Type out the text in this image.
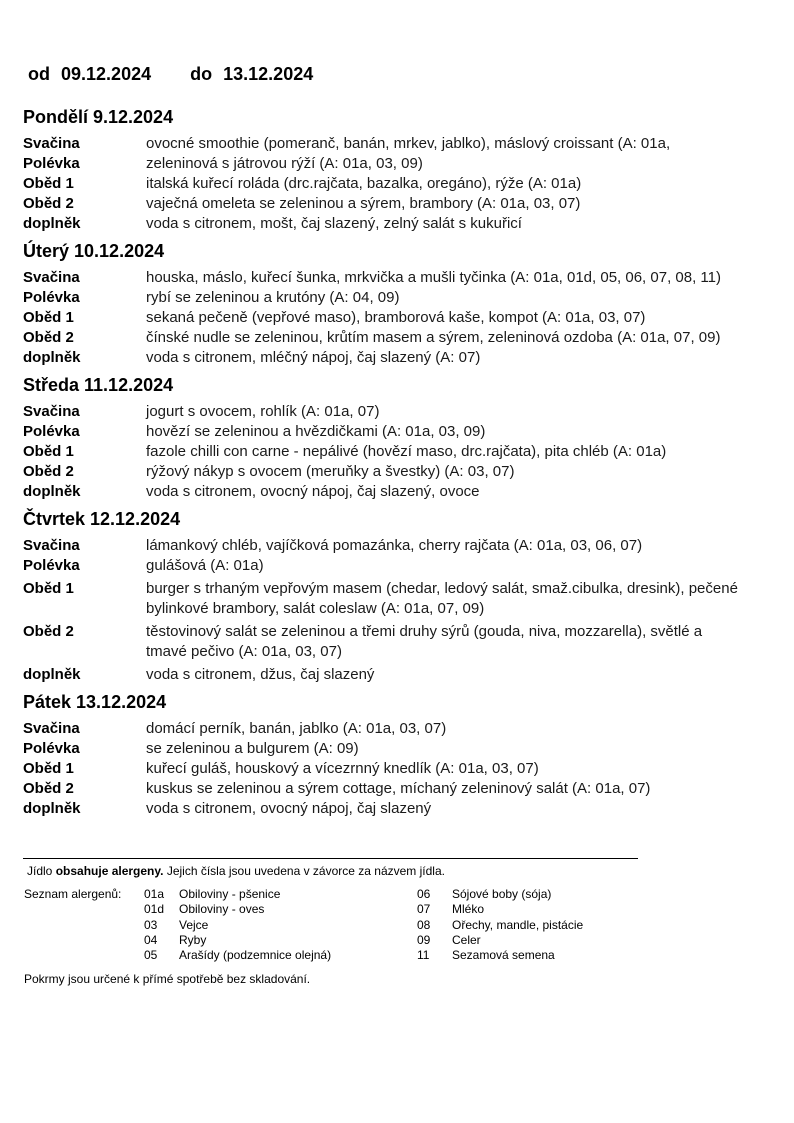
od 09.12.2024 do 13.12.2024
Pondělí 9.12.2024
Svačina	ovocné smoothie (pomeranč, banán, mrkev, jablko), máslový croissant (A: 01a,
Polévka	zeleninová s játrovou rýží (A: 01a, 03, 09)
Oběd 1	italská kuřecí roláda (drc.rajčata, bazalka, oregáno), rýže (A: 01a)
Oběd 2	vaječná omeleta se zeleninou a sýrem, brambory (A: 01a, 03, 07)
doplněk	voda s citronem, mošt, čaj slazený, zelný salát s kukuřicí
Úterý 10.12.2024
Svačina	houska, máslo, kuřecí šunka, mrkvička a mušli tyčinka (A: 01a, 01d, 05, 06, 07, 08, 11)
Polévka	rybí se zeleninou a krutóny (A: 04, 09)
Oběd 1	sekaná pečeně (vepřové maso), bramborová kaše, kompot (A: 01a, 03, 07)
Oběd 2	čínské nudle se zeleninou, krůtím masem a sýrem, zeleninová ozdoba (A: 01a, 07, 09)
doplněk	voda s citronem, mléčný nápoj, čaj slazený (A: 07)
Středa 11.12.2024
Svačina	jogurt s ovocem, rohlík (A: 01a, 07)
Polévka	hovězí se zeleninou a hvězdičkami (A: 01a, 03, 09)
Oběd 1	fazole chilli con carne - nepálivé (hovězí maso, drc.rajčata), pita chléb (A: 01a)
Oběd 2	rýžový nákyp s ovocem (meruňky a švestky) (A: 03, 07)
doplněk	voda s citronem, ovocný nápoj, čaj slazený, ovoce
Čtvrtek 12.12.2024
Svačina	lámankový chléb, vajíčková pomazánka, cherry rajčata (A: 01a, 03, 06, 07)
Polévka	gulášová (A: 01a)
Oběd 1	burger s trhaným vepřovým masem (chedar, ledový salát, smaž.cibulka, dresink), pečené bylinkové brambory, salát coleslaw (A: 01a, 07, 09)
Oběd 2	těstovinový salát se zeleninou a třemi druhy sýrů (gouda, niva, mozzarella), světlé a tmavé pečivo (A: 01a, 03, 07)
doplněk	voda s citronem, džus, čaj slazený
Pátek 13.12.2024
Svačina	domácí perník, banán, jablko (A: 01a, 03, 07)
Polévka	se zeleninou a bulgurem (A: 09)
Oběd 1	kuřecí guláš, houskový a vícezrnný knedlík (A: 01a, 03, 07)
Oběd 2	kuskus se zeleninou a sýrem cottage, míchaný zeleninový salát (A: 01a, 07)
doplněk	voda s citronem, ovocný nápoj, čaj slazený
Jídlo obsahuje alergeny. Jejich čísla jsou uvedena v závorce za názvem jídla.
Seznam alergenů: 01a	Obiloviny - pšenice
01d	Obiloviny - oves
03	Vejce
04	Ryby
05	Arašídy (podzemnice olejná)
06	Sójové boby (sója)
07	Mléko
08	Ořechy, mandle, pistácie
09	Celer
11	Sezamová semena
Pokrmy jsou určené k přímé spotřebě bez skladování.
